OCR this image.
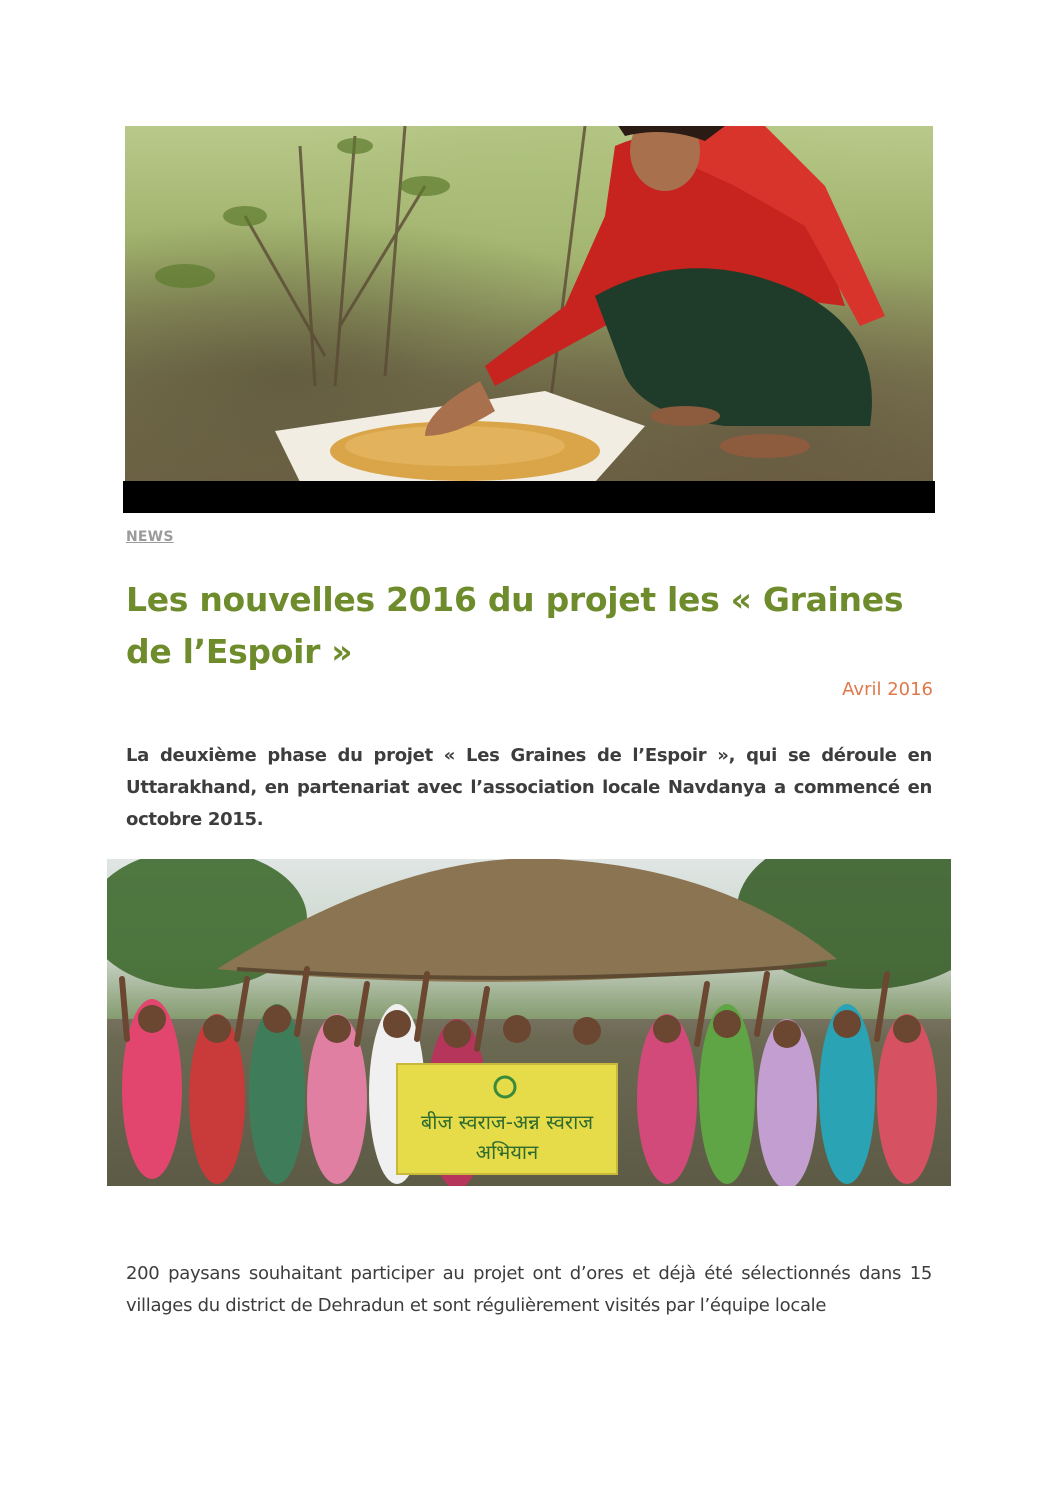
NEWS
Les nouvelles 2016 du projet les « Graines de l’Espoir »
Avril 2016

La deuxième phase du projet « Les Graines de l’Espoir », qui se déroule en Uttarakhand, en partenariat avec l’association locale Navdanya a commencé en octobre 2015.

बीज स्वराज-अन्न स्वराज
अभियान

200 paysans souhaitant participer au projet ont d’ores et déjà été sélectionnés dans 15 villages du district de Dehradun et sont régulièrement visités par l’équipe locale
